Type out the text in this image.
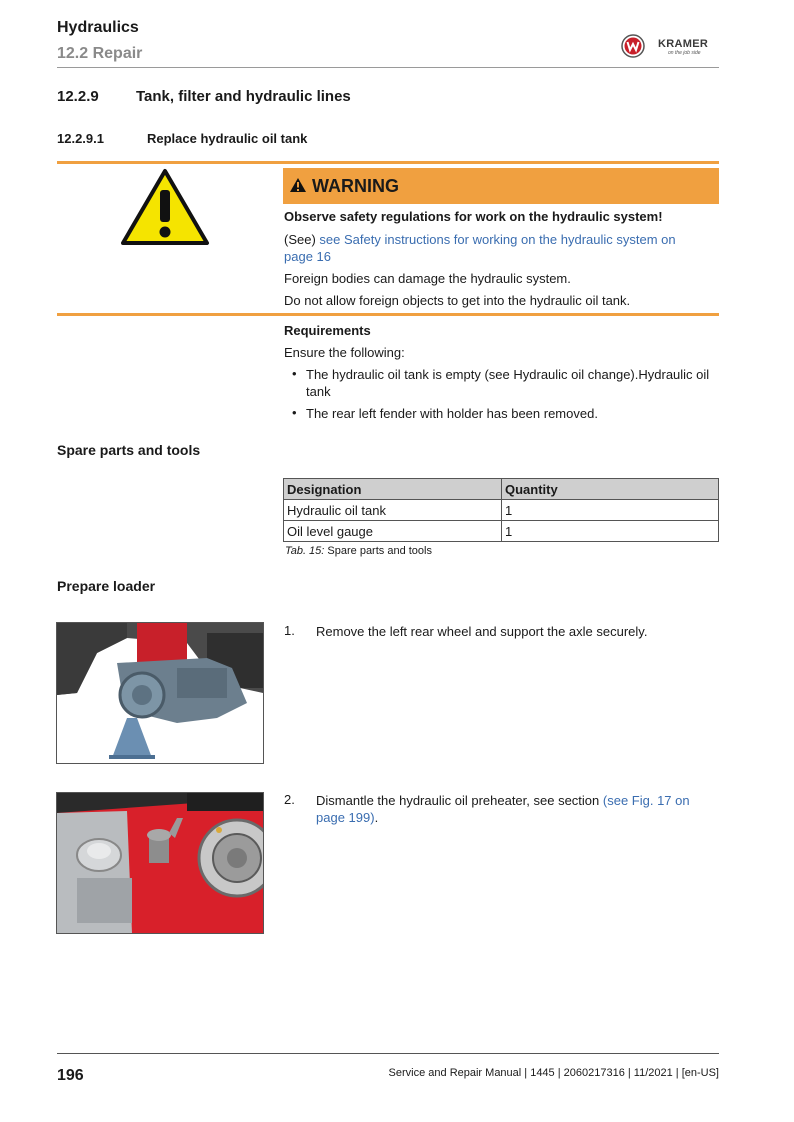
Hydraulics
12.2 Repair
KRAMER
on the job side
12.2.9 Tank, filter and hydraulic lines
12.2.9.1	Replace hydraulic oil tank
WARNING
Observe safety regulations for work on the hydraulic system!
(See) see Safety instructions for working on the hydraulic system on page 16
Foreign bodies can damage the hydraulic system.
Do not allow foreign objects to get into the hydraulic oil tank.
Requirements
Ensure the following:
• The hydraulic oil tank is empty (see Hydraulic oil change).Hydraulic oil tank
• The rear left fender with holder has been removed.
Spare parts and tools
Designation	Quantity
Hydraulic oil tank	1
Oil level gauge	1
Tab. 15: Spare parts and tools
Prepare loader
1. Remove the left rear wheel and support the axle securely.
2. Dismantle the hydraulic oil preheater, see section (see Fig. 17 on page 199).
196	Service and Repair Manual | 1445 | 2060217316 | 11/2021 | [en-US]
